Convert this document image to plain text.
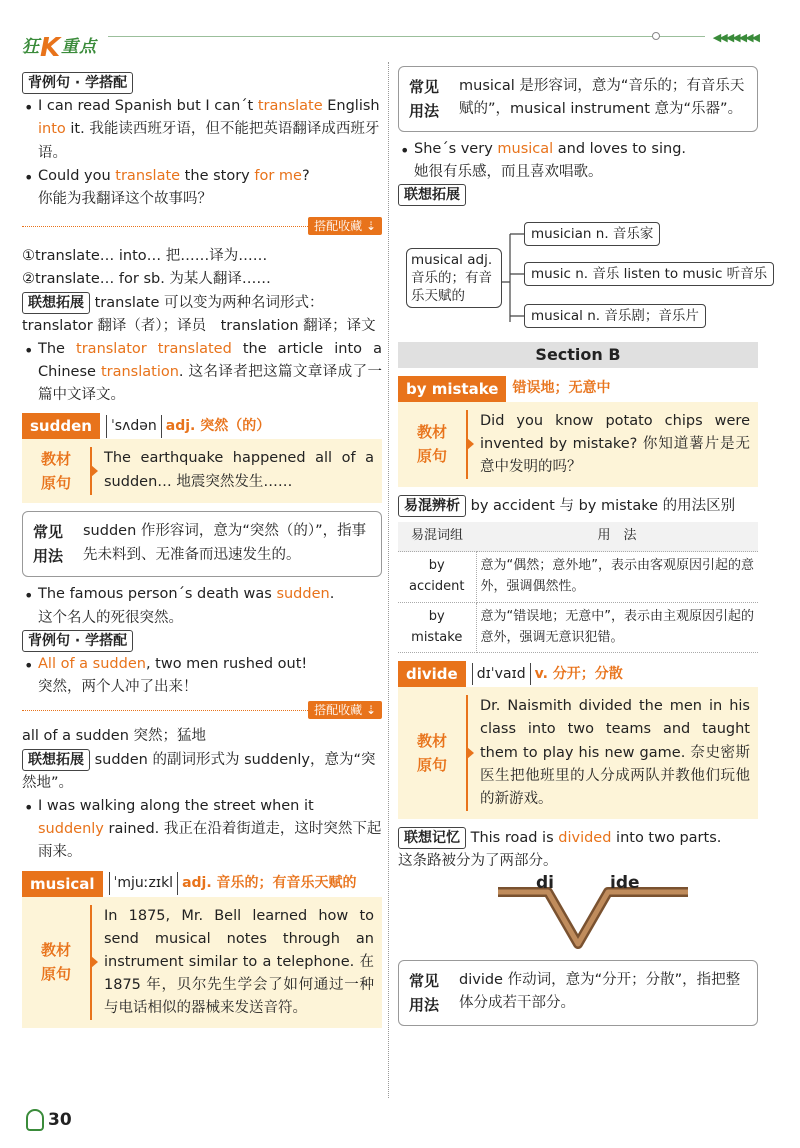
狂K重点	◀◀◀◀◀◀◀
背例句 · 学搭配
• I can read Spanish but I can´t translate English into it. 我能读西班牙语，但不能把英语翻译成西班牙语。
• Could you translate the story for me?
你能为我翻译这个故事吗？
搭配收藏 ⇣
①translate… into… 把……译为……
②translate… for sb. 为某人翻译……
联想拓展 translate 可以变为两种名词形式：
translator 翻译（者）；译员　translation 翻译；译文
• The translator translated the article into a Chinese translation. 这名译者把这篇文章译成了一篇中文译文。
sudden	ˈsʌdən adj. 突然（的）
教材
原句
The earthquake happened all of a sudden… 地震突然发生……
常见
用法
sudden 作形容词，意为“突然（的）”，指事先未料到、无准备而迅速发生的。
• The famous person´s death was sudden.
这个名人的死很突然。
背例句 · 学搭配
• All of a sudden, two men rushed out!
突然，两个人冲了出来！
搭配收藏 ⇣
all of a sudden 突然；猛地
联想拓展 sudden 的副词形式为 suddenly，意为“突然地”。
• I was walking along the street when it suddenly rained. 我正在沿着街道走，这时突然下起雨来。
musical	ˈmjuːzɪkl adj. 音乐的；有音乐天赋的
教材
原句
In 1875, Mr. Bell learned how to send musical notes through an instrument similar to a telephone. 在 1875 年，贝尔先生学会了如何通过一种与电话相似的器械来发送音符。
常见
用法
musical 是形容词，意为“音乐的；有音乐天赋的”，musical instrument 意为“乐器”。
• She´s very musical and loves to sing.
她很有乐感，而且喜欢唱歌。
联想拓展
musical adj. 音乐的；有音乐天赋的
musician n. 音乐家
music n. 音乐 listen to music 听音乐
musical n. 音乐剧；音乐片
Section B
by mistake	错误地；无意中
教材
原句
Did you know potato chips were invented by mistake? 你知道薯片是无意中发明的吗？
易混辨析 by accident 与 by mistake 的用法区别
易混词组	用　法
by accident	意为“偶然；意外地”，表示由客观原因引起的意外，强调偶然性。
by mistake	意为“错误地；无意中”，表示由主观原因引起的意外，强调无意识犯错。
divide	dɪˈvaɪd v. 分开；分散
教材
原句
Dr. Naismith divided the men in his class into two teams and taught them to play his new game. 奈史密斯医生把他班里的人分成两队并教他们玩他的新游戏。
联想记忆 This road is divided into two parts.
这条路被分为了两部分。
di	ide
常见
用法
divide 作动词，意为“分开；分散”，指把整体分成若干部分。
30
